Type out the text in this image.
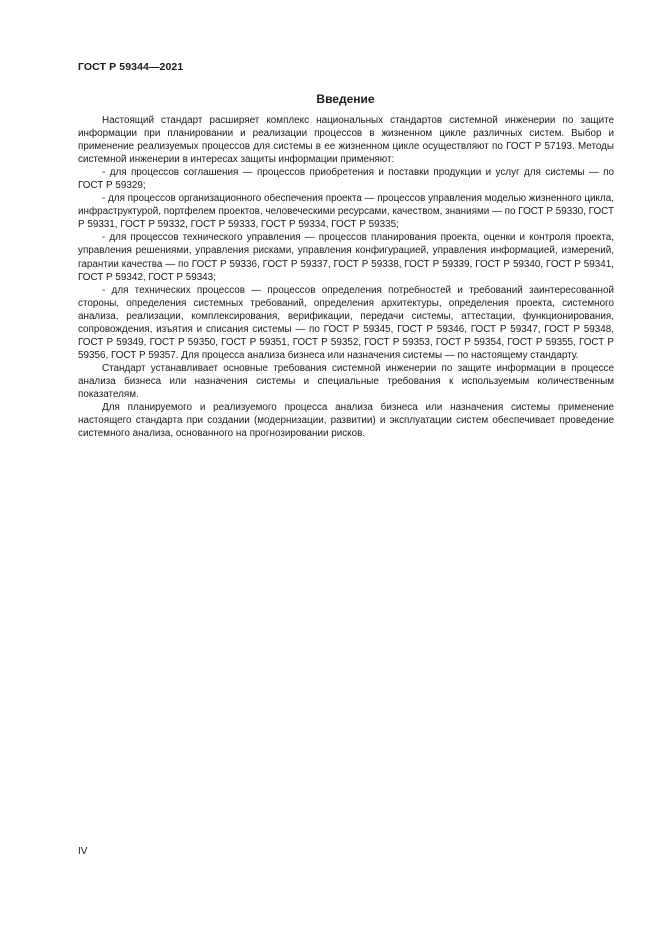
ГОСТ Р 59344—2021
Введение

Настоящий стандарт расширяет комплекс национальных стандартов системной инженерии по защите информации при планировании и реализации процессов в жизненном цикле различных систем. Выбор и применение реализуемых процессов для системы в ее жизненном цикле осуществляют по ГОСТ Р 57193. Методы системной инженерии в интересах защиты информации применяют:

- для процессов соглашения — процессов приобретения и поставки продукции и услуг для системы — по ГОСТ Р 59329;

- для процессов организационного обеспечения проекта — процессов управления моделью жизненного цикла, инфраструктурой, портфелем проектов, человеческими ресурсами, качеством, знаниями — по ГОСТ Р 59330, ГОСТ Р 59331, ГОСТ Р 59332, ГОСТ Р 59333, ГОСТ Р 59334, ГОСТ Р 59335;

- для процессов технического управления — процессов планирования проекта, оценки и контроля проекта, управления решениями, управления рисками, управления конфигурацией, управления информацией, измерений, гарантии качества — по ГОСТ Р 59336, ГОСТ Р 59337, ГОСТ Р 59338, ГОСТ Р 59339, ГОСТ Р 59340, ГОСТ Р 59341, ГОСТ Р 59342, ГОСТ Р 59343;

- для технических процессов — процессов определения потребностей и требований заинтересованной стороны, определения системных требований, определения архитектуры, определения проекта, системного анализа, реализации, комплексирования, верификации, передачи системы, аттестации, функционирования, сопровождения, изъятия и списания системы — по ГОСТ Р 59345, ГОСТ Р 59346, ГОСТ Р 59347, ГОСТ Р 59348, ГОСТ Р 59349, ГОСТ Р 59350, ГОСТ Р 59351, ГОСТ Р 59352, ГОСТ Р 59353, ГОСТ Р 59354, ГОСТ Р 59355, ГОСТ Р 59356, ГОСТ Р 59357. Для процесса анализа бизнеса или назначения системы — по настоящему стандарту.

Стандарт устанавливает основные требования системной инженерии по защите информации в процессе анализа бизнеса или назначения системы и специальные требования к используемым количественным показателям.

Для планируемого и реализуемого процесса анализа бизнеса или назначения системы применение настоящего стандарта при создании (модернизации, развитии) и эксплуатации систем обеспечивает проведение системного анализа, основанного на прогнозировании рисков.

IV
